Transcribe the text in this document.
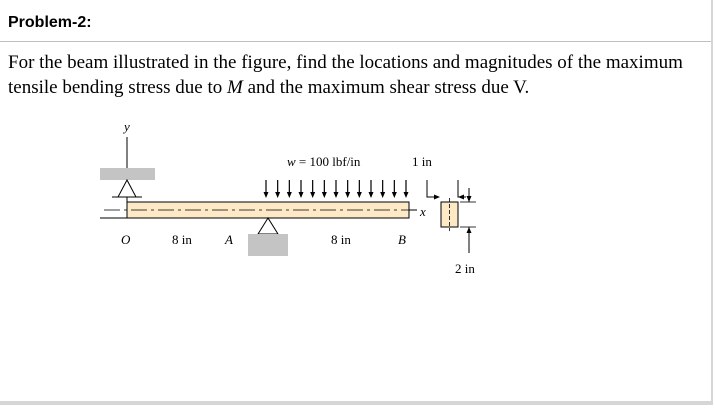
Problem-2:

For the beam illustrated in the figure, find the locations and magnitudes of the maximum tensile bending stress due to M and the maximum shear stress due V.

y
x
w = 100 lbf/in
O	8 in	A	8 in	B
1 in
2 in
